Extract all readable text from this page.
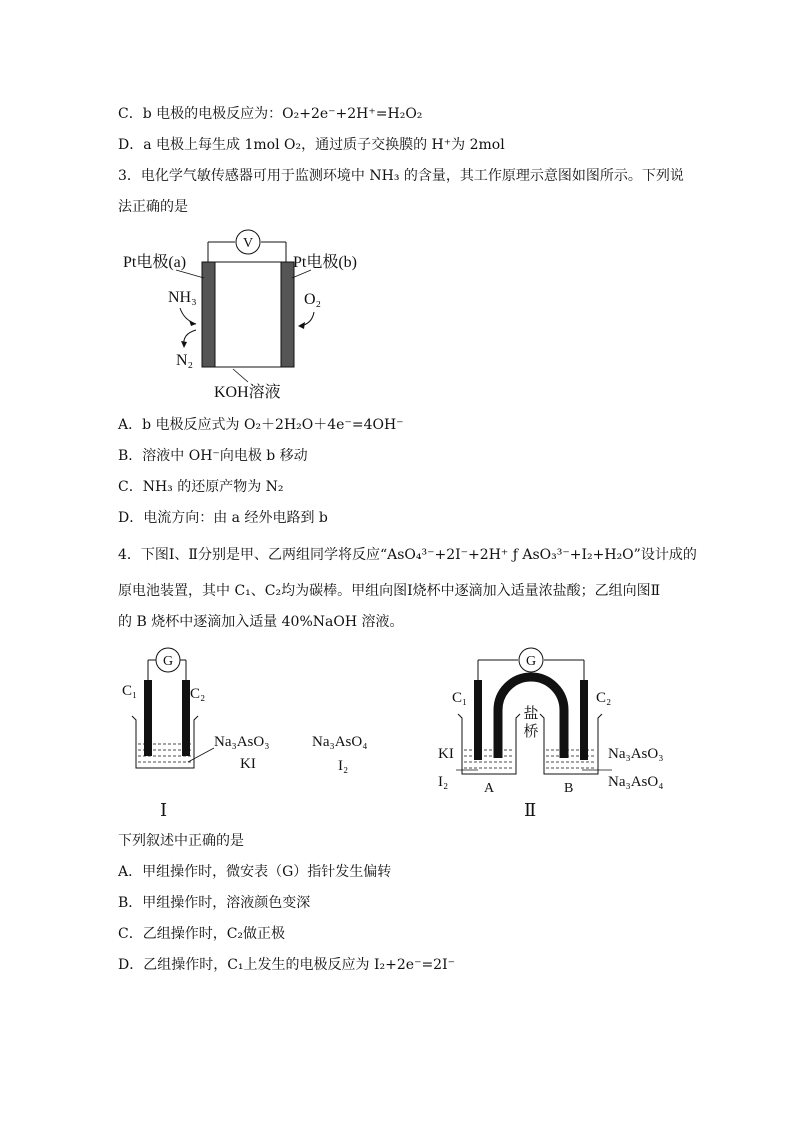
C．b 电极的电极反应为：O₂+2e⁻+2H⁺=H₂O₂
D．a 电极上每生成 1mol O₂，通过质子交换膜的 H⁺为 2mol
3．电化学气敏传感器可用于监测环境中 NH₃ 的含量，其工作原理示意图如图所示。下列说
法正确的是
V
Pt电极(a)	Pt电极(b)
NH₃
N₂
O₂
KOH溶液
A．b 电极反应式为 O₂＋2H₂O＋4e⁻=4OH⁻
B．溶液中 OH⁻向电极 b 移动
C．NH₃ 的还原产物为 N₂
D．电流方向：由 a 经外电路到 b
4．下图Ⅰ、Ⅱ分别是甲、乙两组同学将反应“AsO₄³⁻+2I⁻+2H⁺ ƒ AsO₃³⁻+I₂+H₂O”设计成的
原电池装置，其中 C₁、C₂均为碳棒。甲组向图Ⅰ烧杯中逐滴加入适量浓盐酸；乙组向图Ⅱ
的 B 烧杯中逐滴加入适量 40%NaOH 溶液。
G
C₁	C₂
Na₃AsO₃
KI
Na₃AsO₄
I₂
Ⅰ
G
C₁	C₂
盐
桥
KI
I₂	A	B
Na₃AsO₃
Na₃AsO₄
Ⅱ
下列叙述中正确的是
A．甲组操作时，微安表（G）指针发生偏转
B．甲组操作时，溶液颜色变深
C．乙组操作时，C₂做正极
D．乙组操作时，C₁上发生的电极反应为 I₂+2e⁻=2I⁻
